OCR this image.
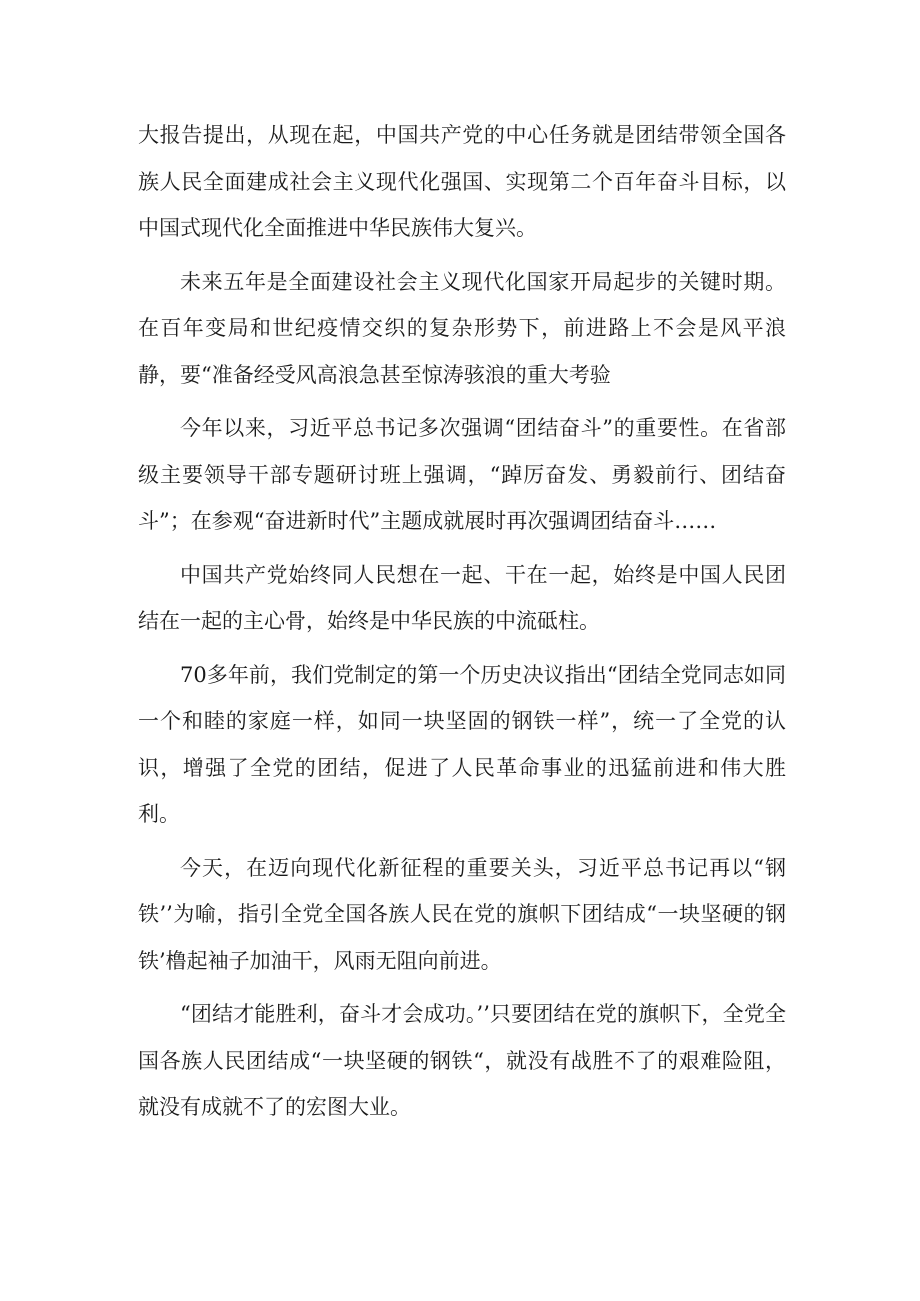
大报告提出，从现在起，中国共产党的中心任务就是团结带领全国各族人民全面建成社会主义现代化强国、实现第二个百年奋斗目标，以中国式现代化全面推进中华民族伟大复兴。

未来五年是全面建设社会主义现代化国家开局起步的关键时期。在百年变局和世纪疫情交织的复杂形势下，前进路上不会是风平浪静，要“准备经受风高浪急甚至惊涛骇浪的重大考验

今年以来，习近平总书记多次强调“团结奋斗”的重要性。在省部级主要领导干部专题研讨班上强调，“踔厉奋发、勇毅前行、团结奋斗”；在参观“奋进新时代”主题成就展时再次强调团结奋斗……

中国共产党始终同人民想在一起、干在一起，始终是中国人民团结在一起的主心骨，始终是中华民族的中流砥柱。

70多年前，我们党制定的第一个历史决议指出“团结全党同志如同一个和睦的家庭一样，如同一块坚固的钢铁一样”，统一了全党的认识，增强了全党的团结，促进了人民革命事业的迅猛前进和伟大胜利。

今天，在迈向现代化新征程的重要关头，习近平总书记再以“钢铁’’为喻，指引全党全国各族人民在党的旗帜下团结成“一块坚硬的钢铁’橹起袖子加油干，风雨无阻向前进。

“团结才能胜利，奋斗才会成功。’’只要团结在党的旗帜下，全党全国各族人民团结成“一块坚硬的钢铁“，就没有战胜不了的艰难险阻，就没有成就不了的宏图大业。
